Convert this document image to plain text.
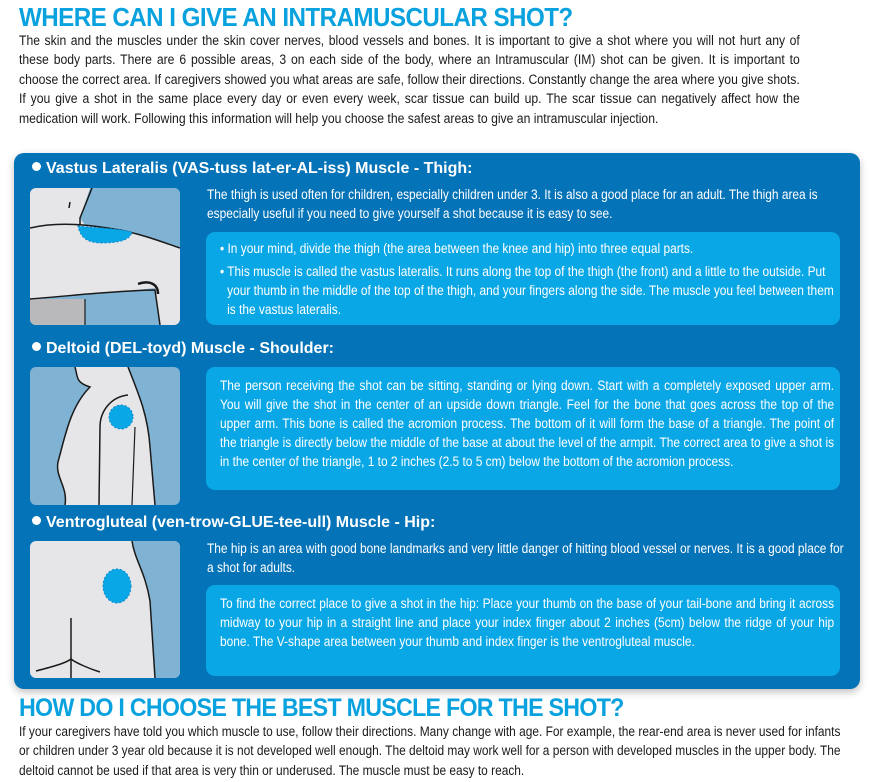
WHERE CAN I GIVE AN INTRAMUSCULAR SHOT?
The skin and the muscles under the skin cover nerves, blood vessels and bones. It is important to give a shot where you will not hurt any of these body parts. There are 6 possible areas, 3 on each side of the body, where an Intramuscular (IM) shot can be given. It is important to choose the correct area. If caregivers showed you what areas are safe, follow their directions. Constantly change the area where you give shots. If you give a shot in the same place every day or even every week, scar tissue can build up. The scar tissue can negatively affect how the medication will work. Following this information will help you choose the safest areas to give an intramuscular injection.
Vastus Lateralis (VAS-tuss lat-er-AL-iss) Muscle - Thigh:
The thigh is used often for children, especially children under 3. It is also a good place for an adult. The thigh area is especially useful if you need to give yourself a shot because it is easy to see.
• In your mind, divide the thigh (the area between the knee and hip) into three equal parts.
• This muscle is called the vastus lateralis. It runs along the top of the thigh (the front) and a little to the outside. Put your thumb in the middle of the top of the thigh, and your fingers along the side. The muscle you feel between them is the vastus lateralis.
Deltoid (DEL-toyd) Muscle - Shoulder:
The person receiving the shot can be sitting, standing or lying down. Start with a completely exposed upper arm. You will give the shot in the center of an upside down triangle. Feel for the bone that goes across the top of the upper arm. This bone is called the acromion process. The bottom of it will form the base of a triangle. The point of the triangle is directly below the middle of the base at about the level of the armpit. The correct area to give a shot is in the center of the triangle, 1 to 2 inches (2.5 to 5 cm) below the bottom of the acromion process.
Ventrogluteal (ven-trow-GLUE-tee-ull) Muscle - Hip:
The hip is an area with good bone landmarks and very little danger of hitting blood vessel or nerves. It is a good place for a shot for adults.
To find the correct place to give a shot in the hip: Place your thumb on the base of your tail-bone and bring it across midway to your hip in a straight line and place your index finger about 2 inches (5cm) below the ridge of your hip bone. The V-shape area between your thumb and index finger is the ventrogluteal muscle.
HOW DO I CHOOSE THE BEST MUSCLE FOR THE SHOT?
If your caregivers have told you which muscle to use, follow their directions. Many change with age. For example, the rear-end area is never used for infants or children under 3 year old because it is not developed well enough. The deltoid may work well for a person with developed muscles in the upper body. The deltoid cannot be used if that area is very thin or underused. The muscle must be easy to reach.
